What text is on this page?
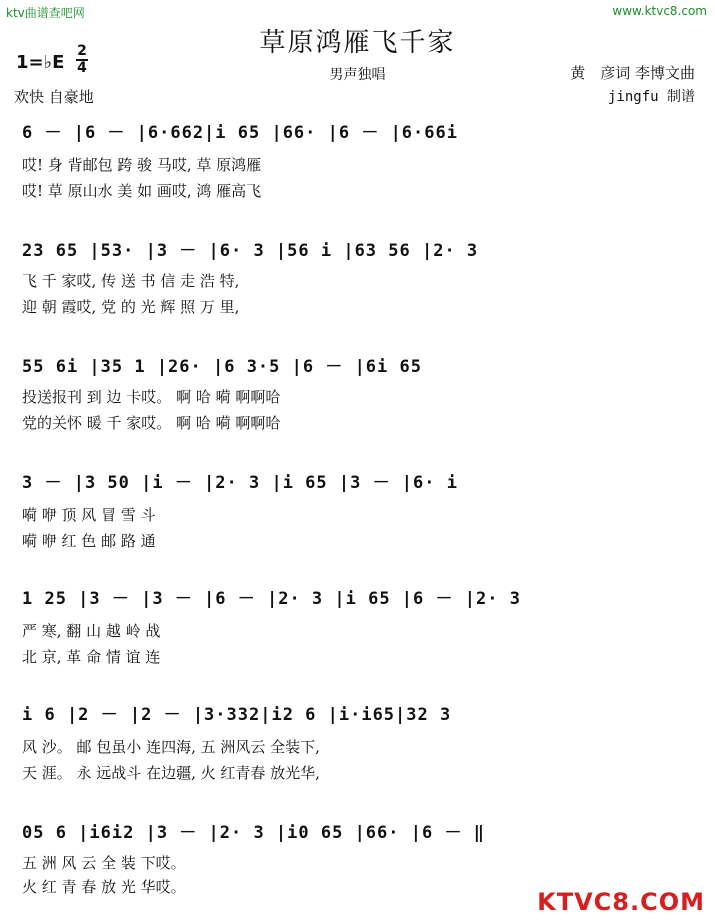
ktv曲谱查吧网	www.ktvc8.com
草原鸿雁飞千家
男声独唱	黄　彦词 李博文曲
jingfu 制谱
1=♭E
2
4
欢快 自豪地
6 － |6 － |6·662|i 65 |66· |6 － |6·66i
哎! 身 背邮包 跨 骏 马哎, 草 原鸿雁
哎! 草 原山水 美 如 画哎, 鸿 雁高飞
23 65 |53· |3 － |6· 3 |56 i |63 56 |2· 3
飞 千 家哎, 传 送 书 信 走 浩 特,
迎 朝 霞哎, 党 的 光 辉 照 万 里,
55 6i |35 1 |26· |6 3·5 |6 － |6i 65
投送报刊 到 边 卡哎。 啊 哈 嗬 啊啊哈
党的关怀 暖 千 家哎。 啊 哈 嗬 啊啊哈
3 － |3 50 |i － |2· 3 |i 65 |3 － |6· i
嗬 咿 顶 风 冒 雪 斗
嗬 咿 红 色 邮 路 通
1 25 |3 － |3 － |6 － |2· 3 |i 65 |6 － |2· 3
严 寒, 翻 山 越 岭 战
北 京, 革 命 情 谊 连
i 6 |2 － |2 － |3·332|i2 6 |i·i65|32 3
风 沙。 邮 包虽小 连四海, 五 洲风云 全装下,
天 涯。 永 远战斗 在边疆, 火 红青春 放光华,
05 6 |i6i2 |3 － |2· 3 |i0 65 |66· |6 － ‖
五 洲 风 云 全 装 下哎。
火 红 青 春 放 光 华哎。
KTVC8.COM
